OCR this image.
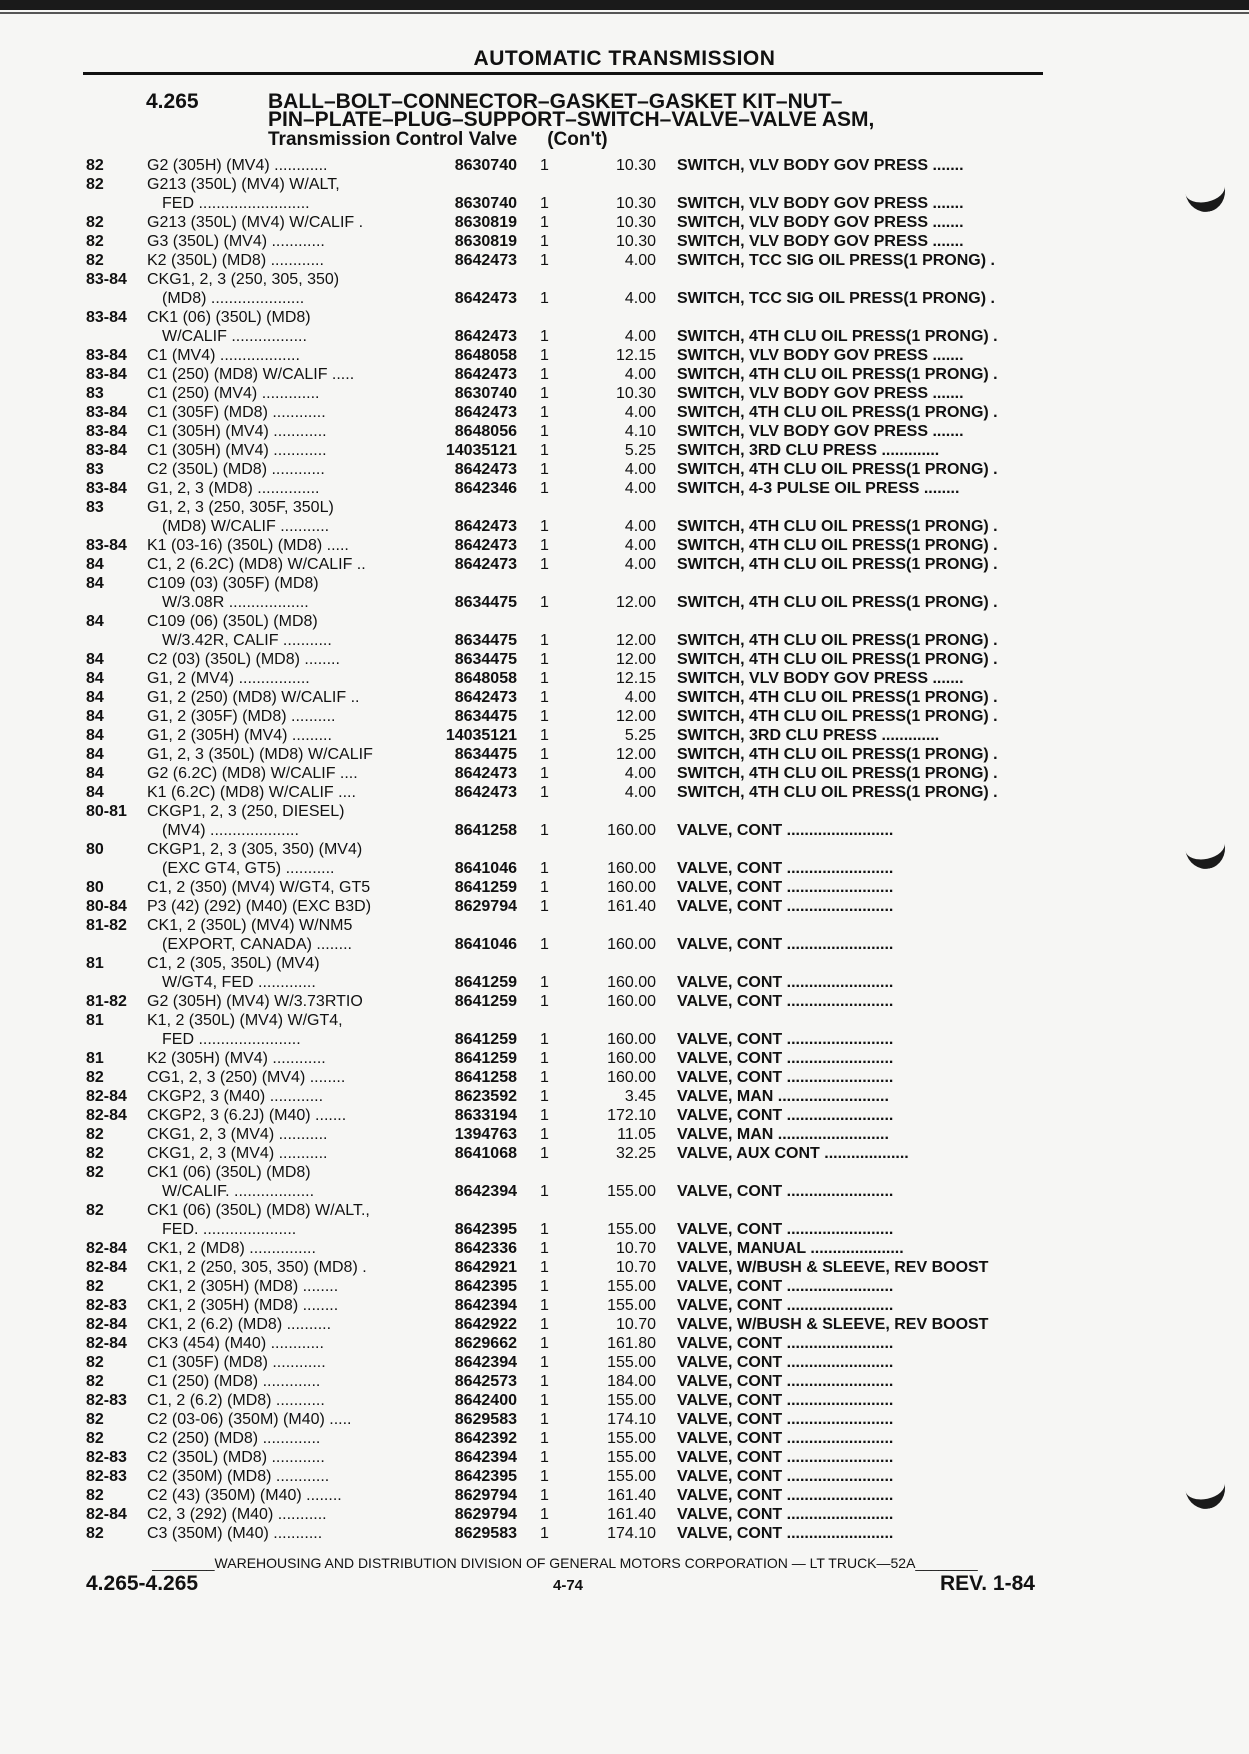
AUTOMATIC TRANSMISSION
4.265	BALL–BOLT–CONNECTOR–GASKET–GASKET KIT–NUT–
PIN–PLATE–PLUG–SUPPORT–SWITCH–VALVE–VALVE ASM,
Transmission Control Valve (Con't)
82	G2 (305H) (MV4) ............	8630740 1	10.30 SWITCH, VLV BODY GOV PRESS .......
82	G213 (350L) (MV4) W/ALT,
FED .........................	8630740 1	10.30 SWITCH, VLV BODY GOV PRESS .......
82	G213 (350L) (MV4) W/CALIF .	8630819 1	10.30 SWITCH, VLV BODY GOV PRESS .......
82	G3 (350L) (MV4) ............	8630819 1	10.30 SWITCH, VLV BODY GOV PRESS .......
82	K2 (350L) (MD8) ............	8642473 1	4.00 SWITCH, TCC SIG OIL PRESS(1 PRONG) .
83-84 CKG1, 2, 3 (250, 305, 350)
(MD8) .....................	8642473 1	4.00 SWITCH, TCC SIG OIL PRESS(1 PRONG) .
83-84 CK1 (06) (350L) (MD8)
W/CALIF .................	8642473 1	4.00 SWITCH, 4TH CLU OIL PRESS(1 PRONG) .
83-84 C1 (MV4) ..................	8648058 1	12.15 SWITCH, VLV BODY GOV PRESS .......
83-84 C1 (250) (MD8) W/CALIF .....	8642473 1	4.00 SWITCH, 4TH CLU OIL PRESS(1 PRONG) .
83	C1 (250) (MV4) .............	8630740 1	10.30 SWITCH, VLV BODY GOV PRESS .......
83-84 C1 (305F) (MD8) ............	8642473 1	4.00 SWITCH, 4TH CLU OIL PRESS(1 PRONG) .
83-84 C1 (305H) (MV4) ............	8648056 1	4.10 SWITCH, VLV BODY GOV PRESS .......
83-84 C1 (305H) (MV4) ............	14035121 1	5.25 SWITCH, 3RD CLU PRESS .............
83	C2 (350L) (MD8) ............	8642473 1	4.00 SWITCH, 4TH CLU OIL PRESS(1 PRONG) .
83-84 G1, 2, 3 (MD8) ..............	8642346 1	4.00 SWITCH, 4-3 PULSE OIL PRESS ........
83	G1, 2, 3 (250, 305F, 350L)
(MD8) W/CALIF ...........	8642473 1	4.00 SWITCH, 4TH CLU OIL PRESS(1 PRONG) .
83-84 K1 (03-16) (350L) (MD8) .....	8642473 1	4.00 SWITCH, 4TH CLU OIL PRESS(1 PRONG) .
84	C1, 2 (6.2C) (MD8) W/CALIF ..	8642473 1	4.00 SWITCH, 4TH CLU OIL PRESS(1 PRONG) .
84	C109 (03) (305F) (MD8)
W/3.08R ..................	8634475 1	12.00 SWITCH, 4TH CLU OIL PRESS(1 PRONG) .
84	C109 (06) (350L) (MD8)
W/3.42R, CALIF ...........	8634475 1	12.00 SWITCH, 4TH CLU OIL PRESS(1 PRONG) .
84	C2 (03) (350L) (MD8) ........	8634475 1	12.00 SWITCH, 4TH CLU OIL PRESS(1 PRONG) .
84	G1, 2 (MV4) ................	8648058 1	12.15 SWITCH, VLV BODY GOV PRESS .......
84	G1, 2 (250) (MD8) W/CALIF ..	8642473 1	4.00 SWITCH, 4TH CLU OIL PRESS(1 PRONG) .
84	G1, 2 (305F) (MD8) ..........	8634475 1	12.00 SWITCH, 4TH CLU OIL PRESS(1 PRONG) .
84	G1, 2 (305H) (MV4) .........	14035121 1	5.25 SWITCH, 3RD CLU PRESS .............
84	G1, 2, 3 (350L) (MD8) W/CALIF	8634475 1	12.00 SWITCH, 4TH CLU OIL PRESS(1 PRONG) .
84	G2 (6.2C) (MD8) W/CALIF ....	8642473 1	4.00 SWITCH, 4TH CLU OIL PRESS(1 PRONG) .
84	K1 (6.2C) (MD8) W/CALIF ....	8642473 1	4.00 SWITCH, 4TH CLU OIL PRESS(1 PRONG) .
80-81 CKGP1, 2, 3 (250, DIESEL)
(MV4) ....................	8641258 1	160.00 VALVE, CONT ........................
80	CKGP1, 2, 3 (305, 350) (MV4)
(EXC GT4, GT5) ...........	8641046 1	160.00 VALVE, CONT ........................
80	C1, 2 (350) (MV4) W/GT4, GT5	8641259 1	160.00 VALVE, CONT ........................
80-84 P3 (42) (292) (M40) (EXC B3D)	8629794 1	161.40 VALVE, CONT ........................
81-82 CK1, 2 (350L) (MV4) W/NM5
(EXPORT, CANADA) ........	8641046 1	160.00 VALVE, CONT ........................
81	C1, 2 (305, 350L) (MV4)
W/GT4, FED .............	8641259 1	160.00 VALVE, CONT ........................
81-82 G2 (305H) (MV4) W/3.73RTIO	8641259 1	160.00 VALVE, CONT ........................
81	K1, 2 (350L) (MV4) W/GT4,
FED .......................	8641259 1	160.00 VALVE, CONT ........................
81	K2 (305H) (MV4) ............	8641259 1	160.00 VALVE, CONT ........................
82	CG1, 2, 3 (250) (MV4) ........	8641258 1	160.00 VALVE, CONT ........................
82-84 CKGP2, 3 (M40) ............	8623592 1	3.45 VALVE, MAN .........................
82-84 CKGP2, 3 (6.2J) (M40) .......	8633194 1	172.10 VALVE, CONT ........................
82	CKG1, 2, 3 (MV4) ...........	1394763 1	11.05 VALVE, MAN .........................
82	CKG1, 2, 3 (MV4) ...........	8641068 1	32.25 VALVE, AUX CONT ...................
82	CK1 (06) (350L) (MD8)
W/CALIF. ..................	8642394 1	155.00 VALVE, CONT ........................
82	CK1 (06) (350L) (MD8) W/ALT.,
FED. .....................	8642395 1	155.00 VALVE, CONT ........................
82-84 CK1, 2 (MD8) ...............	8642336 1	10.70 VALVE, MANUAL .....................
82-84 CK1, 2 (250, 305, 350) (MD8) .	8642921 1	10.70 VALVE, W/BUSH & SLEEVE, REV BOOST
82	CK1, 2 (305H) (MD8) ........	8642395 1	155.00 VALVE, CONT ........................
82-83 CK1, 2 (305H) (MD8) ........	8642394 1	155.00 VALVE, CONT ........................
82-84 CK1, 2 (6.2) (MD8) ..........	8642922 1	10.70 VALVE, W/BUSH & SLEEVE, REV BOOST
82-84 CK3 (454) (M40) ............	8629662 1	161.80 VALVE, CONT ........................
82	C1 (305F) (MD8) ............	8642394 1	155.00 VALVE, CONT ........................
82	C1 (250) (MD8) .............	8642573 1	184.00 VALVE, CONT ........................
82-83 C1, 2 (6.2) (MD8) ...........	8642400 1	155.00 VALVE, CONT ........................
82	C2 (03-06) (350M) (M40) .....	8629583 1	174.10 VALVE, CONT ........................
82	C2 (250) (MD8) .............	8642392 1	155.00 VALVE, CONT ........................
82-83 C2 (350L) (MD8) ............	8642394 1	155.00 VALVE, CONT ........................
82-83 C2 (350M) (MD8) ............	8642395 1	155.00 VALVE, CONT ........................
82	C2 (43) (350M) (M40) ........	8629794 1	161.40 VALVE, CONT ........................
82-84 C2, 3 (292) (M40) ...........	8629794 1	161.40 VALVE, CONT ........................
82	C3 (350M) (M40) ...........	8629583 1	174.10 VALVE, CONT ........................
________WAREHOUSING AND DISTRIBUTION DIVISION OF GENERAL MOTORS CORPORATION — LT TRUCK—52A________
4.265-4.265	4-74	REV. 1-84
